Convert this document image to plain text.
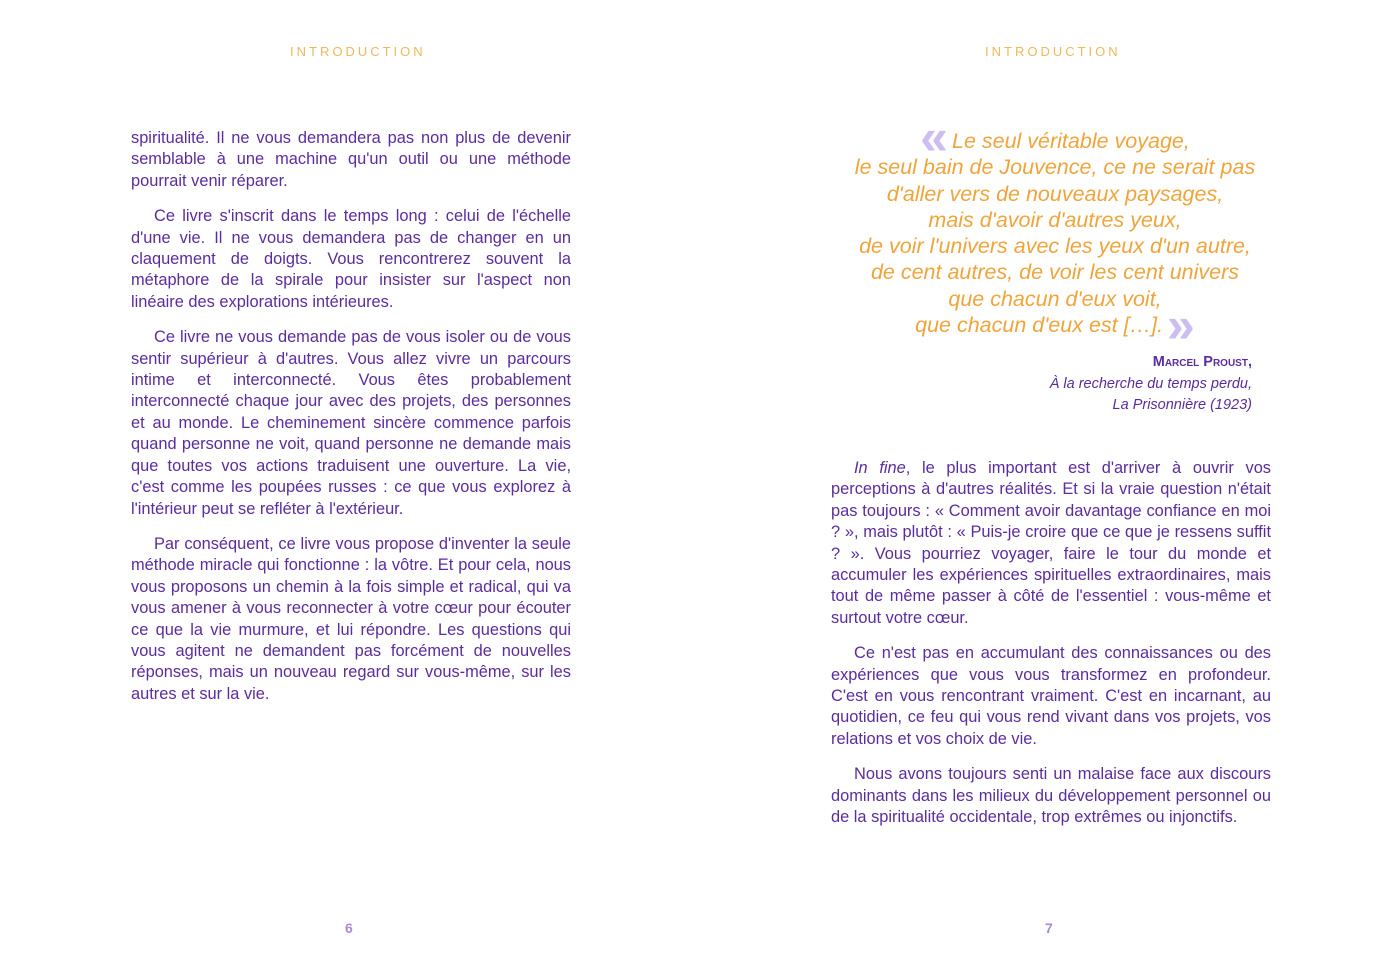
INTRODUCTION

spiritualité. Il ne vous demandera pas non plus de devenir semblable à une machine qu'un outil ou une méthode pourrait venir réparer.

Ce livre s'inscrit dans le temps long : celui de l'échelle d'une vie. Il ne vous demandera pas de changer en un claquement de doigts. Vous rencontrerez souvent la métaphore de la spirale pour insister sur l'aspect non linéaire des explorations intérieures.

Ce livre ne vous demande pas de vous isoler ou de vous sentir supérieur à d'autres. Vous allez vivre un parcours intime et interconnecté. Vous êtes probablement interconnecté chaque jour avec des projets, des personnes et au monde. Le cheminement sincère commence parfois quand personne ne voit, quand personne ne demande mais que toutes vos actions traduisent une ouverture. La vie, c'est comme les poupées russes : ce que vous explorez à l'intérieur peut se refléter à l'extérieur.

Par conséquent, ce livre vous propose d'inventer la seule méthode miracle qui fonctionne : la vôtre. Et pour cela, nous vous proposons un chemin à la fois simple et radical, qui va vous amener à vous reconnecter à votre cœur pour écouter ce que la vie murmure, et lui répondre. Les questions qui vous agitent ne demandent pas forcément de nouvelles réponses, mais un nouveau regard sur vous-même, sur les autres et sur la vie.

6
INTRODUCTION
« Le seul véritable voyage,
le seul bain de Jouvence, ce ne serait pas
d'aller vers de nouveaux paysages,
mais d'avoir d'autres yeux,
de voir l'univers avec les yeux d'un autre,
de cent autres, de voir les cent univers
que chacun d'eux voit,
que chacun d'eux est […].»
Marcel Proust,
À la recherche du temps perdu,
La Prisonnière (1923)

In fine, le plus important est d'arriver à ouvrir vos perceptions à d'autres réalités. Et si la vraie question n'était pas toujours : « Comment avoir davantage confiance en moi ? », mais plutôt : « Puis-je croire que ce que je ressens suffit ? ». Vous pourriez voyager, faire le tour du monde et accumuler les expériences spirituelles extraordinaires, mais tout de même passer à côté de l'essentiel : vous-même et surtout votre cœur.

Ce n'est pas en accumulant des connaissances ou des expériences que vous vous transformez en profondeur. C'est en vous rencontrant vraiment. C'est en incarnant, au quotidien, ce feu qui vous rend vivant dans vos projets, vos relations et vos choix de vie.

Nous avons toujours senti un malaise face aux discours dominants dans les milieux du développement personnel ou de la spiritualité occidentale, trop extrêmes ou injonctifs.

7
